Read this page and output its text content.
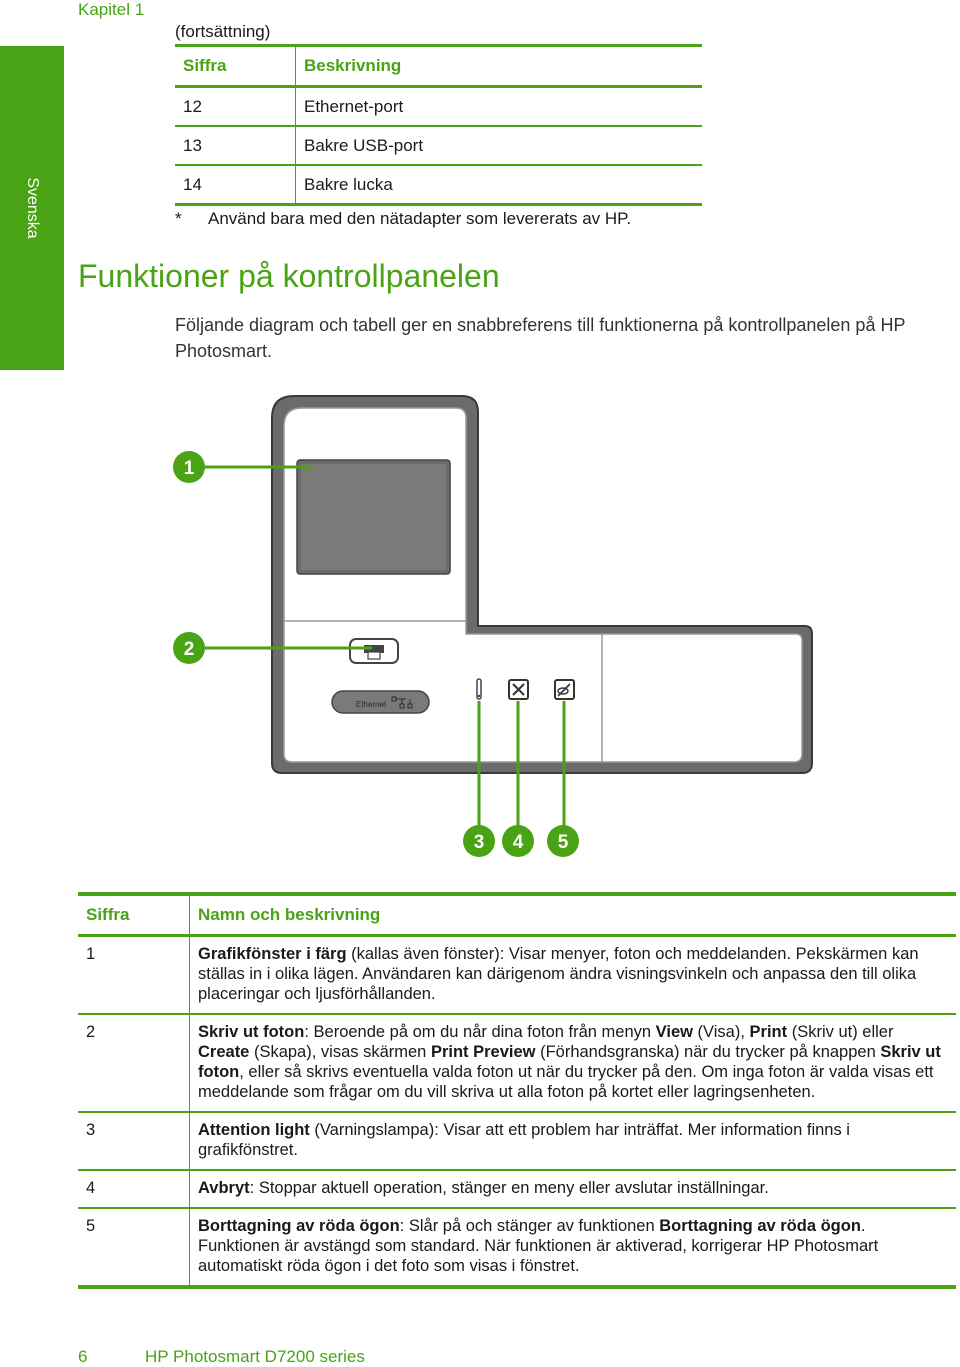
Kapitel 1
Svenska
(fortsättning)
Siffra	Beskrivning
12	Ethernet-port
13	Bakre USB-port
14	Bakre lucka
* Använd bara med den nätadapter som levererats av HP.
Funktioner på kontrollpanelen
Följande diagram och tabell ger en snabbreferens till funktionerna på kontrollpanelen på HP Photosmart.
Ethernet
1
2
3 4 5
Siffra	Namn och beskrivning
1	Grafikfönster i färg (kallas även fönster): Visar menyer, foton och meddelanden. Pekskärmen kan ställas in i olika lägen. Användaren kan därigenom ändra visningsvinkeln och anpassa den till olika placeringar och ljusförhållanden.
2	Skriv ut foton: Beroende på om du når dina foton från menyn View (Visa), Print (Skriv ut) eller Create (Skapa), visas skärmen Print Preview (Förhandsgranska) när du trycker på knappen Skriv ut foton, eller så skrivs eventuella valda foton ut när du trycker på den. Om inga foton är valda visas ett meddelande som frågar om du vill skriva ut alla foton på kortet eller lagringsenheten.
3	Attention light (Varningslampa): Visar att ett problem har inträffat. Mer information finns i grafikfönstret.
4	Avbryt: Stoppar aktuell operation, stänger en meny eller avslutar inställningar.
5	Borttagning av röda ögon: Slår på och stänger av funktionen Borttagning av röda ögon. Funktionen är avstängd som standard. När funktionen är aktiverad, korrigerar HP Photosmart automatiskt röda ögon i det foto som visas i fönstret.
6	HP Photosmart D7200 series
